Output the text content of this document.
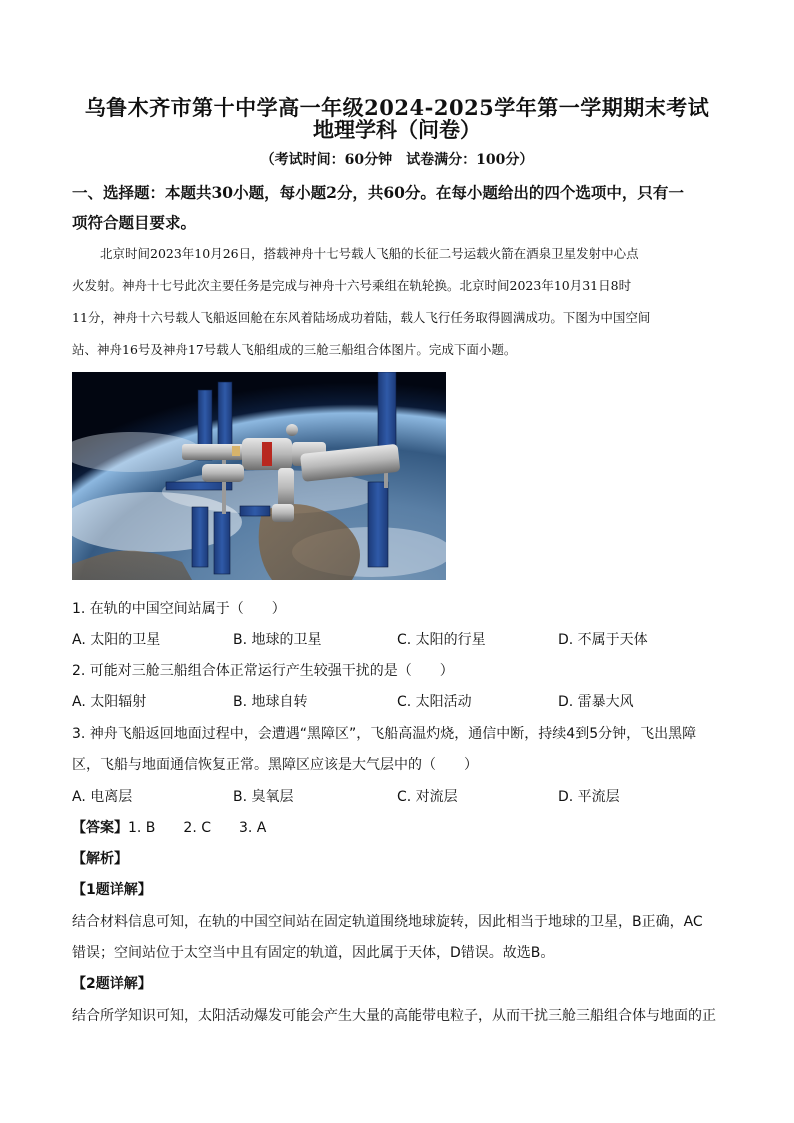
乌鲁木齐市第十中学高一年级2024-2025学年第一学期期末考试
地理学科（问卷）
（考试时间：60分钟　试卷满分：100分）
一、选择题：本题共30小题，每小题2分，共60分。在每小题给出的四个选项中，只有一
项符合题目要求。
北京时间2023年10月26日，搭载神舟十七号载人飞船的长征二号运载火箭在酒泉卫星发射中心点
火发射。神舟十七号此次主要任务是完成与神舟十六号乘组在轨轮换。北京时间2023年10月31日8时
11分，神舟十六号载人飞船返回舱在东风着陆场成功着陆，载人飞行任务取得圆满成功。下图为中国空间
站、神舟16号及神舟17号载人飞船组成的三舱三船组合体图片。完成下面小题。
1. 在轨的中国空间站属于（　　）
A. 太阳的卫星	B. 地球的卫星	C. 太阳的行星	D. 不属于天体
2. 可能对三舱三船组合体正常运行产生较强干扰的是（　　）
A. 太阳辐射	B. 地球自转	C. 太阳活动	D. 雷暴大风
3. 神舟飞船返回地面过程中，会遭遇“黑障区”，飞船高温灼烧，通信中断，持续4到5分钟，飞出黑障
区，飞船与地面通信恢复正常。黑障区应该是大气层中的（　　）
A. 电离层	B. 臭氧层	C. 对流层	D. 平流层
【答案】1. B　　2. C　　3. A
【解析】
【1题详解】
结合材料信息可知，在轨的中国空间站在固定轨道围绕地球旋转，因此相当于地球的卫星，B正确，AC
错误；空间站位于太空当中且有固定的轨道，因此属于天体，D错误。故选B。
【2题详解】
结合所学知识可知，太阳活动爆发可能会产生大量的高能带电粒子，从而干扰三舱三船组合体与地面的正
